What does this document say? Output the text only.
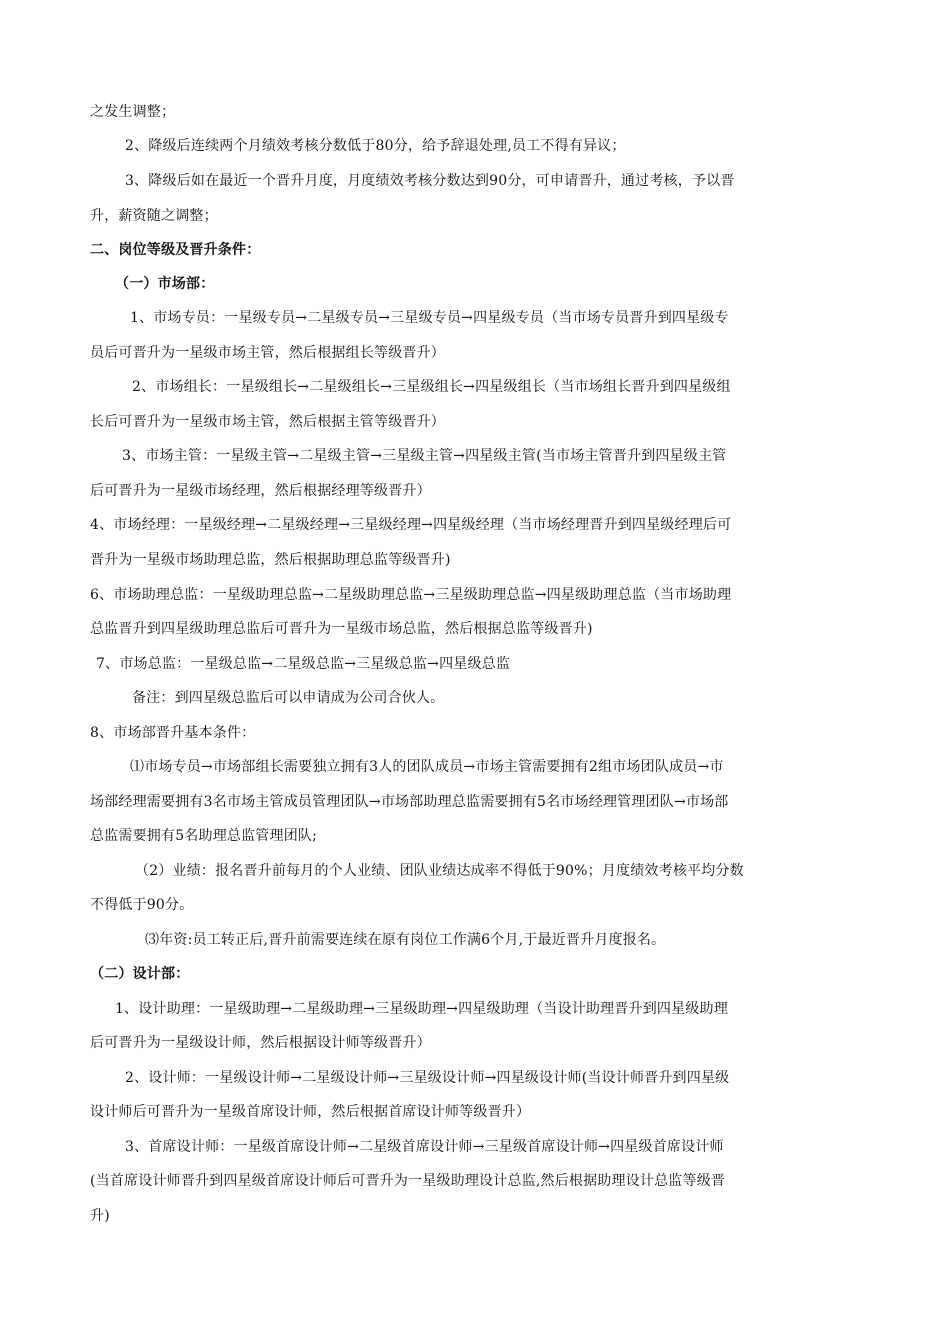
之发生调整；
2、降级后连续两个月绩效考核分数低于80分，给予辞退处理,员工不得有异议；
3、降级后如在最近一个晋升月度，月度绩效考核分数达到90分，可申请晋升，通过考核，予以晋
升，薪资随之调整；
二、岗位等级及晋升条件：
（一）市场部：
1、市场专员：一星级专员→二星级专员→三星级专员→四星级专员（当市场专员晋升到四星级专
员后可晋升为一星级市场主管，然后根据组长等级晋升）
2、市场组长：一星级组长→二星级组长→三星级组长→四星级组长（当市场组长晋升到四星级组
长后可晋升为一星级市场主管，然后根据主管等级晋升）
3、市场主管：一星级主管→二星级主管→三星级主管→四星级主管(当市场主管晋升到四星级主管
后可晋升为一星级市场经理，然后根据经理等级晋升）
4、市场经理：一星级经理→二星级经理→三星级经理→四星级经理（当市场经理晋升到四星级经理后可
晋升为一星级市场助理总监，然后根据助理总监等级晋升)
6、市场助理总监：一星级助理总监→二星级助理总监→三星级助理总监→四星级助理总监（当市场助理
总监晋升到四星级助理总监后可晋升为一星级市场总监，然后根据总监等级晋升)
7、市场总监：一星级总监→二星级总监→三星级总监→四星级总监
备注：到四星级总监后可以申请成为公司合伙人。
8、市场部晋升基本条件：
⑴市场专员→市场部组长需要独立拥有3人的团队成员→市场主管需要拥有2组市场团队成员→市
场部经理需要拥有3名市场主管成员管理团队→市场部助理总监需要拥有5名市场经理管理团队→市场部
总监需要拥有5名助理总监管理团队;
（2）业绩：报名晋升前每月的个人业绩、团队业绩达成率不得低于90%；月度绩效考核平均分数
不得低于90分。
⑶年资:员工转正后,晋升前需要连续在原有岗位工作满6个月,于最近晋升月度报名。
（二）设计部：
1、设计助理：一星级助理→二星级助理→三星级助理→四星级助理（当设计助理晋升到四星级助理
后可晋升为一星级设计师，然后根据设计师等级晋升）
2、设计师：一星级设计师→二星级设计师→三星级设计师→四星级设计师(当设计师晋升到四星级
设计师后可晋升为一星级首席设计师，然后根据首席设计师等级晋升）
3、首席设计师：一星级首席设计师→二星级首席设计师→三星级首席设计师→四星级首席设计师
(当首席设计师晋升到四星级首席设计师后可晋升为一星级助理设计总监,然后根据助理设计总监等级晋
升)
